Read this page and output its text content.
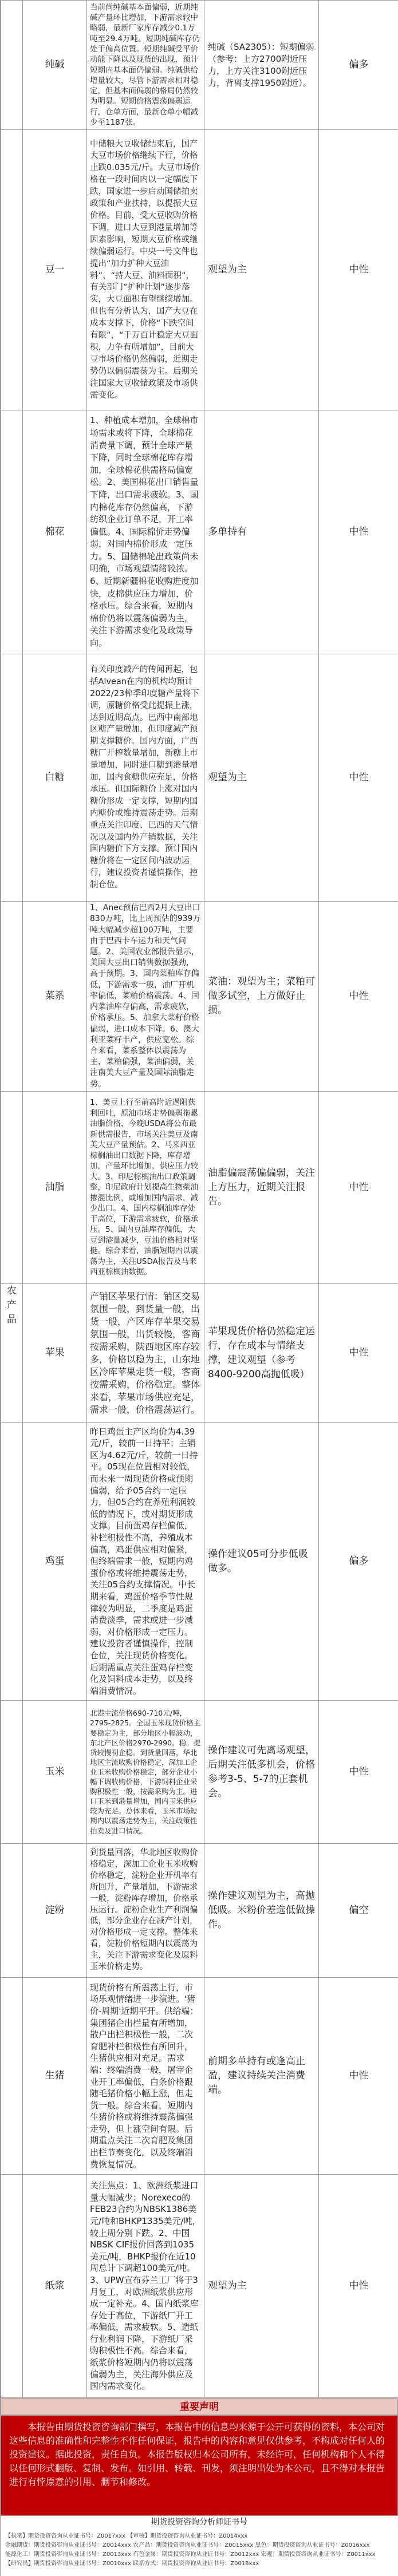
	纯碱	当前尚纯碱基本面偏弱，近期纯碱产量环比增加，下游需求较中略弱，最新厂家库存减少0.1万吨至29.4万吨。短期纯碱库存仍处于偏高位置。短期纯碱受平价动能下降以及现货的出现，预计短期内基本面仍偏弱。纯碱供给增量较大，尽管下游需求相对稳定，但基本面偏弱的格局仍然较为明显。短期价格震荡偏弱运行，仓单方面，最新仓单小幅减少至1187张。	纯碱（SA2305）：短期偏弱（参考：上方2700附近压力，上方关注3100附近压力，背离支撑1950附近）。	偏多
	豆一	中储粮大豆收储结束后，国产大豆市场价格继续下行，价格止跌0.035元/斤。大豆市场价格在一段时间内以一定幅度下跌，国家进一步启动国储拍卖政策和产业扶持，以提振大豆价格。目前，受大豆收购价格下调，进口大豆到港量增加等因素影响，短期大豆价格或继续偏弱运行。中央一号文件也提出“加力扩种大豆油料”、“持大豆、油料面积”，有关部门“扩种计划”逐步落实，大豆面积有望继续增加。但也有分析认为，国产大豆在成本支撑下，价格“下跌空间有限”，“千万百计稳定大豆面积，力争有所增加”，目前大豆市场价格仍然偏弱，近期走势仍以偏弱震荡为主。后期关注国家大豆收储政策及市场供需变化。	观望为主	中性
	棉花	1、种植成本增加，全球棉市场需求或将下降，全球棉花消费量下调，预计全球产量下降，同时全球棉花库存增加，全球棉花供需格局偏宽松。2、美国棉花出口销售量下降，出口需求疲软。3、国内棉花库存仍然偏高，下游纺织企业订单不足，开工率偏低。4、国际棉价走势偏弱，对国内棉价形成一定压力。5、国储棉轮出政策尚未明确，市场观望情绪较浓。6、近期新疆棉花收购进度加快，皮棉供应压力增加，价格承压。综合来看，短期内棉价仍将以震荡偏弱为主，关注下游需求变化及政策导向。	多单持有	中性
	白糖	有关印度减产的传闻再起，包括Alvean在内的机构均预计2022/23榨季印度糖产量将下调，原糖价格受此提振上涨，达到近期高点。巴西中南部地区糖产量增加，但印度减产预期支撑糖价。国内方面，广西糖厂开榨数量增加，新糖上市量增加，同时进口糖到港量增加，国内食糖供应充足，价格承压。但国际糖价上涨对国内糖价形成一定支撑，短期内国内糖价或维持震荡走势。后期重点关注印度、巴西的天气情况以及国内外产销数据，关注国内糖价下方支撑。预计国内糖价将在一定区间内波动运行，建议投资者谨慎操作，控制仓位。	观望为主	中性
	菜系	1、Anec预估巴西2月大豆出口830万吨，比上周预估的939万吨大幅减少超100万吨，主要由于巴西卡车运力和天气问题。2、美国农业部报告显示，美国大豆出口销售数据强劲，高于预期。3、国内菜粕库存偏低，下游需求一般，油厂开机率偏低，菜粕价格震荡。4、国内菜油库存偏高，需求疲软，价格承压。5、加拿大菜籽价格偏弱，进口成本下降。6、澳大利亚菜籽丰产，供应宽松。综合来看，菜系整体以震荡为主，菜粕偏强，菜油偏弱，关注南美大豆产量及国际油脂走势。	菜油：观望为主；菜粕可做多试空，上方做好止损。	中性
	油脂	1、美豆上行至前高附近遇阻获利回吐，原油市场走势偏弱拖累油脂价格，今晚USDA将公布最新供需报告，市场关注美豆及南美大豆产量预估。2、马来西亚棕榈油出口数据下降，库存增加，产量环比增加，供应压力较大。3、印尼棕榈油出口政策调整，印尼政府计划提高生物柴油掺混比例，或增加国内需求，减少出口。4、国内棕榈油库存处于高位，下游需求疲软，价格承压。5、国内豆油库存偏低，大豆到港量减少，豆油价格相对坚挺。综合来看，油脂短期内以震荡为主，关注USDA报告及马来西亚棕榈油数据。	油脂偏震荡偏偏弱，关注上方压力，近期关注报告。	中性
农产品	苹果	产销区苹果行情：销区交易氛围一般，到货量一般，出货一般，产区库存苹果交易氛围一般，出货较慢，客商按需采购，陕西地区库存较多，价格以稳为主，山东地区冷库苹果走货一般，客商按需采购，价格稳定。整体来看，苹果市场供应充足，需求一般，价格震荡运行。	苹果现货价格仍然稳定运行，存在成本与情绪支撑，建议观望（参考8400-9200高抛低吸）	中性
	鸡蛋	昨日鸡蛋主产区均价为4.39元/斤，较前一日持平；主销区为4.62元/斤，较前一日持平。05现在位置相对较低，而未来一周现货价格或预期偏弱，给予05合约一定压力，但05合约在养殖利润较低的情况下，或对期货形成支撑。目前蛋鸡存栏偏低，补栏积极性不高，养殖成本偏高，鸡蛋供应相对偏紧，但终端需求一般，短期内鸡蛋价格或将维持震荡走势，关注05合约支撑情况。中长期来看，鸡蛋价格季节性规律较为明显，二季度是鸡蛋消费淡季，需求或进一步减弱，对价格形成一定压力。建议投资者谨慎操作，控制仓位，关注现货价格变化。后期需重点关注蛋鸡存栏变化及饲料成本走势，以及终端消费情况。	操作建议05可分步低吸做多。	偏多
	玉米	北港主流价格690-710元/吨，2795-2825。全国玉米现货价格主要稳定为主，部分地区小幅波动，东北产区价格2970-2990。稳。提货较慢初企稳。到货量回落，华北地区主流收购价格稳定，深加工企业玉米收购价格稳定，部分企业小幅下调收购价格，下游饲料企业采购积极性一般，按需采购为主。进口玉米到港量增加，国内玉米供应较为充足。总体来看，玉米市场短期内以震荡走势为主，关注政策性拍卖及进口情况。	操作建议可先离场观望，后期关注低多机会，价格参考3-5、5-7的正套机会。	中性
	淀粉	到货量回落，华北地区收购价格稳定，深加工企业玉米收购价格稳定，淀粉企业开机率有所回升，产量增加，下游需求一般，淀粉库存增加，价格承压运行。淀粉企业生产利润偏低，部分企业存在减产计划，对价格形成一定支撑。整体来看，淀粉价格短期内以震荡为主，关注下游需求变化及原料玉米价格走势。	操作建议观望为主，高抛低吸。米粉价差选低做操作。	偏空
	生猪	现货价格有所震荡上行，市场乐观情绪进一步演进。'猪价-周期'近期平开。供给端：集团猪企出栏量有所增加，散户出栏积极性一般，二次育肥补栏积极性有所回升，生猪供应相对充足。需求端：终端消费一般，屠宰企业开工率偏低，白条价格跟随毛猪价格小幅上涨，但走货一般。综合来看，短期内生猪价格或将维持震荡偏强走势，但上涨空间有限。后期重点关注二次育肥及集团出栏节奏变化，以及终端消费恢复情况。	前期多单持有或逢高止盈，建议持续关注消费端。	中性
	纸浆	关注焦点：1、欧洲纸浆进口量大幅减少；Norexeco的FEB23合约为NBSK1386美元/吨和BHKP1335美元/吨，较上周分别下跌。2、中国NBSK CIF报价回落到1035美元/吨，BHKP报价在近10周总计下调超100美元/吨。3、UPW宣布芬兰工厂将于3月复工，对欧洲纸浆供应形成一定补充。4、国内纸浆库存处于高位，下游纸厂开工率偏低，需求疲软。5、造纸行业利润下降，下游纸厂采购积极性不高。综合来看，纸浆价格短期内仍将以震荡偏弱为主，关注海外供应及国内需求变化。	观望为主	中性
重要声明
本报告由期货投资咨询部门撰写，本报告中的信息均来源于公开可获得的资料，本公司对这些信息的准确性和完整性不作任何保证，报告中的内容和意见仅供参考，不构成对任何人的投资建议。据此投资，责任自负。本报告版权归本公司所有，未经许可，任何机构和个人不得以任何形式翻版、复制、发布。如引用、转载、刊发，须注明出处为本公司，且不得对本报告进行有悖原意的引用、删节和修改。
期货投资咨询分析师证书号
【执笔】期货投资咨询从业证书号：Z0017xxx 【审核】期货投资咨询从业证书号：Z0014xxx
金融期货：期货投资咨询从业证书号：Z0014xxx 农产品：期货投资咨询从业证书号：Z0015xxx 黑色：期货投资咨询从业证书号：Z0016xxx
能源化工：期货投资咨询从业证书号：Z0013xxx 有色金属：期货投资咨询从业证书号：Z0012xxx 宏观：期货投资咨询从业证书号：Z0011xxx
【研究员】期货投资咨询从业证书号：Z0010xxx 联系方式：期货投资咨询从业证书号：Z0018xxx
